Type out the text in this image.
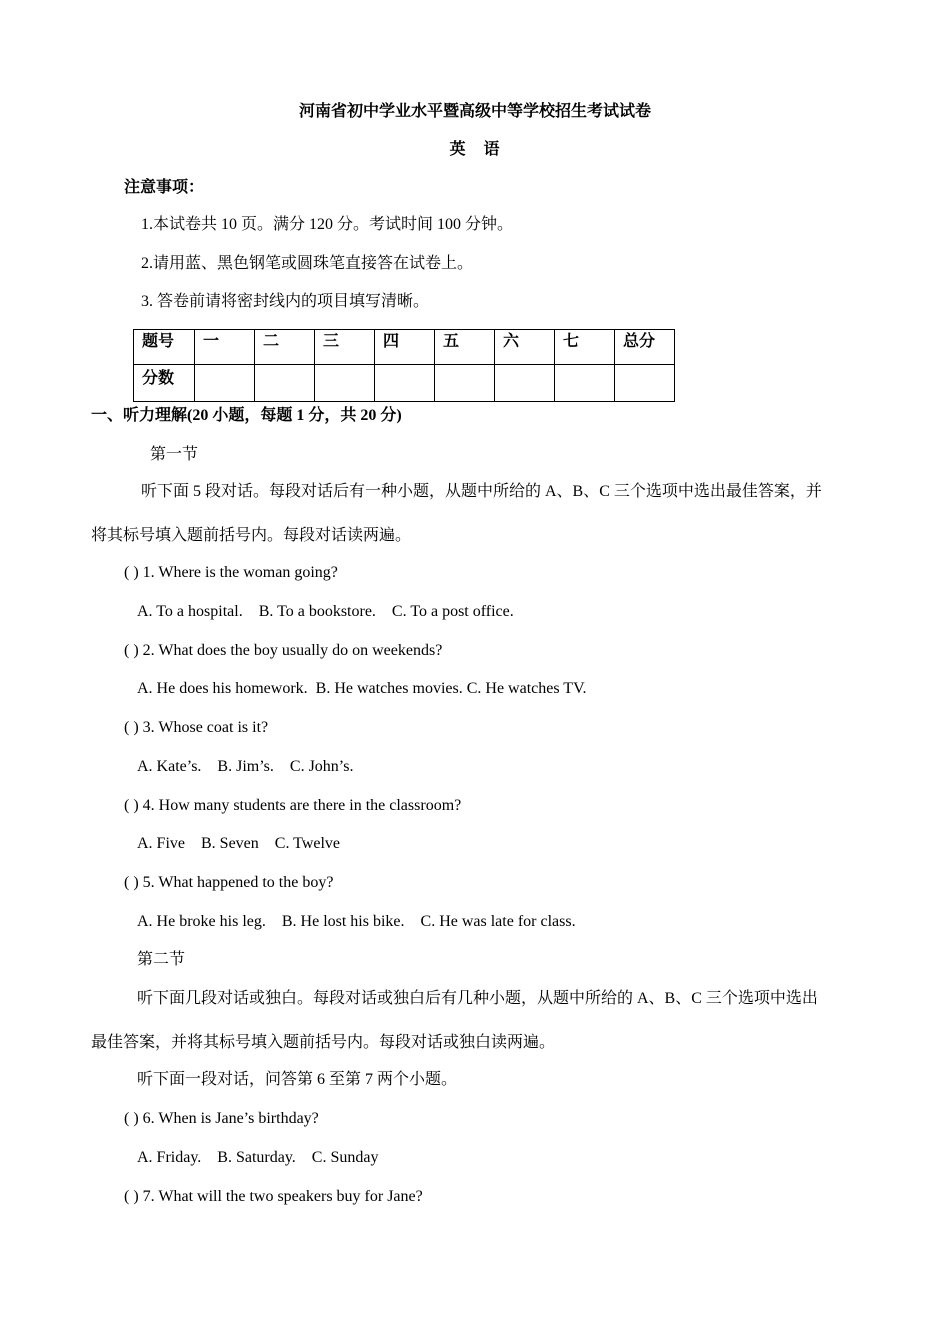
河南省初中学业水平暨高级中等学校招生考试试卷
英　语
注意事项：
1.本试卷共 10 页。满分 120 分。考试时间 100 分钟。
2.请用蓝、黑色钢笔或圆珠笔直接答在试卷上。
3. 答卷前请将密封线内的项目填写清晰。
题号	一	二	三	四	五	六	七	总分
分数								
一、听力理解(20 小题，每题 1 分，共 20 分)
第一节
听下面 5 段对话。每段对话后有一种小题，从题中所给的 A、B、C 三个选项中选出最佳答案，并
将其标号填入题前括号内。每段对话读两遍。
( ) 1. Where is the woman going?
A. To a hospital.    B. To a bookstore.    C. To a post office.
( ) 2. What does the boy usually do on weekends?
A. He does his homework.  B. He watches movies. C. He watches TV.
( ) 3. Whose coat is it?
A. Kate’s.    B. Jim’s.    C. John’s.
( ) 4. How many students are there in the classroom?
A. Five    B. Seven    C. Twelve
( ) 5. What happened to the boy?
A. He broke his leg.    B. He lost his bike.    C. He was late for class.
第二节
听下面几段对话或独白。每段对话或独白后有几种小题，从题中所给的 A、B、C 三个选项中选出
最佳答案，并将其标号填入题前括号内。每段对话或独白读两遍。
听下面一段对话，问答第 6 至第 7 两个小题。
( ) 6. When is Jane’s birthday?
A. Friday.    B. Saturday.    C. Sunday
( ) 7. What will the two speakers buy for Jane?
